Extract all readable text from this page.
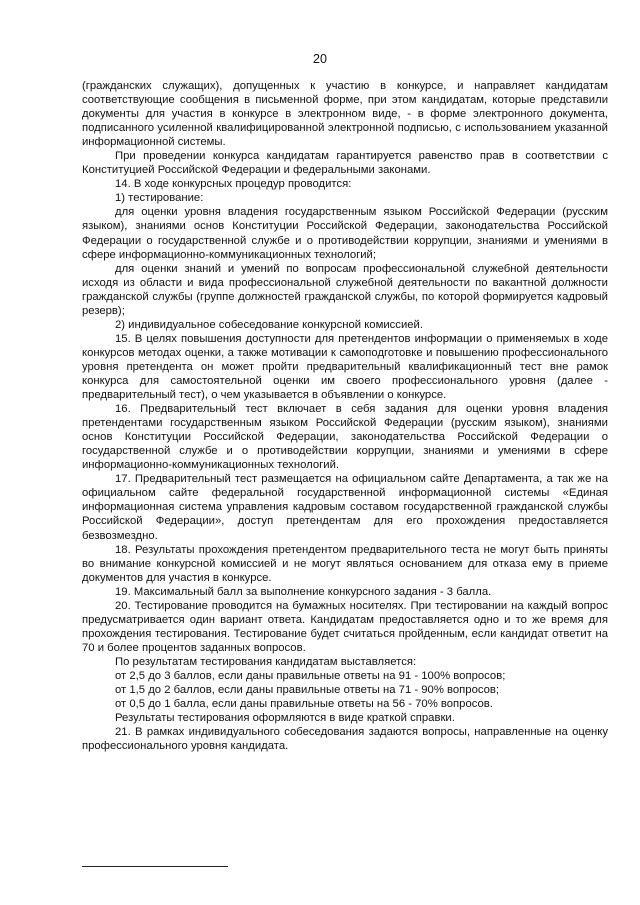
20

(гражданских служащих), допущенных к участию в конкурсе, и направляет кандидатам соответствующие сообщения в письменной форме, при этом кандидатам, которые представили документы для участия в конкурсе в электронном виде, - в форме электронного документа, подписанного усиленной квалифицированной электронной подписью, с использованием указанной информационной системы.

При проведении конкурса кандидатам гарантируется равенство прав в соответствии с Конституцией Российской Федерации и федеральными законами.

14. В ходе конкурсных процедур проводится:

1) тестирование:

для оценки уровня владения государственным языком Российской Федерации (русским языком), знаниями основ Конституции Российской Федерации, законодательства Российской Федерации о государственной службе и о противодействии коррупции, знаниями и умениями в сфере информационно-коммуникационных технологий;

для оценки знаний и умений по вопросам профессиональной служебной деятельности исходя из области и вида профессиональной служебной деятельности по вакантной должности гражданской службы (группе должностей гражданской службы, по которой формируется кадровый резерв);

2) индивидуальное собеседование конкурсной комиссией.

15. В целях повышения доступности для претендентов информации о применяемых в ходе конкурсов методах оценки, а также мотивации к самоподготовке и повышению профессионального уровня претендента он может пройти предварительный квалификационный тест вне рамок конкурса для самостоятельной оценки им своего профессионального уровня (далее - предварительный тест), о чем указывается в объявлении о конкурсе.

16. Предварительный тест включает в себя задания для оценки уровня владения претендентами государственным языком Российской Федерации (русским языком), знаниями основ Конституции Российской Федерации, законодательства Российской Федерации о государственной службе и о противодействии коррупции, знаниями и умениями в сфере информационно-коммуникационных технологий.

17. Предварительный тест размещается на официальном сайте Департамента, а так же на официальном сайте федеральной государственной информационной системы «Единая информационная система управления кадровым составом государственной гражданской службы Российской Федерации», доступ претендентам для его прохождения предоставляется безвозмездно.

18. Результаты прохождения претендентом предварительного теста не могут быть приняты во внимание конкурсной комиссией и не могут являться основанием для отказа ему в приеме документов для участия в конкурсе.

19. Максимальный балл за выполнение конкурсного задания - 3 балла.

20. Тестирование проводится на бумажных носителях. При тестировании на каждый вопрос предусматривается один вариант ответа. Кандидатам предоставляется одно и то же время для прохождения тестирования. Тестирование будет считаться пройденным, если кандидат ответит на 70 и более процентов заданных вопросов.

По результатам тестирования кандидатам выставляется:

от 2,5 до 3 баллов, если даны правильные ответы на 91 - 100% вопросов;

от 1,5 до 2 баллов, если даны правильные ответы на 71 - 90% вопросов;

от 0,5 до 1 балла, если даны правильные ответы на 56 - 70% вопросов.

Результаты тестирования оформляются в виде краткой справки.

21. В рамках индивидуального собеседования задаются вопросы, направленные на оценку профессионального уровня кандидата.
